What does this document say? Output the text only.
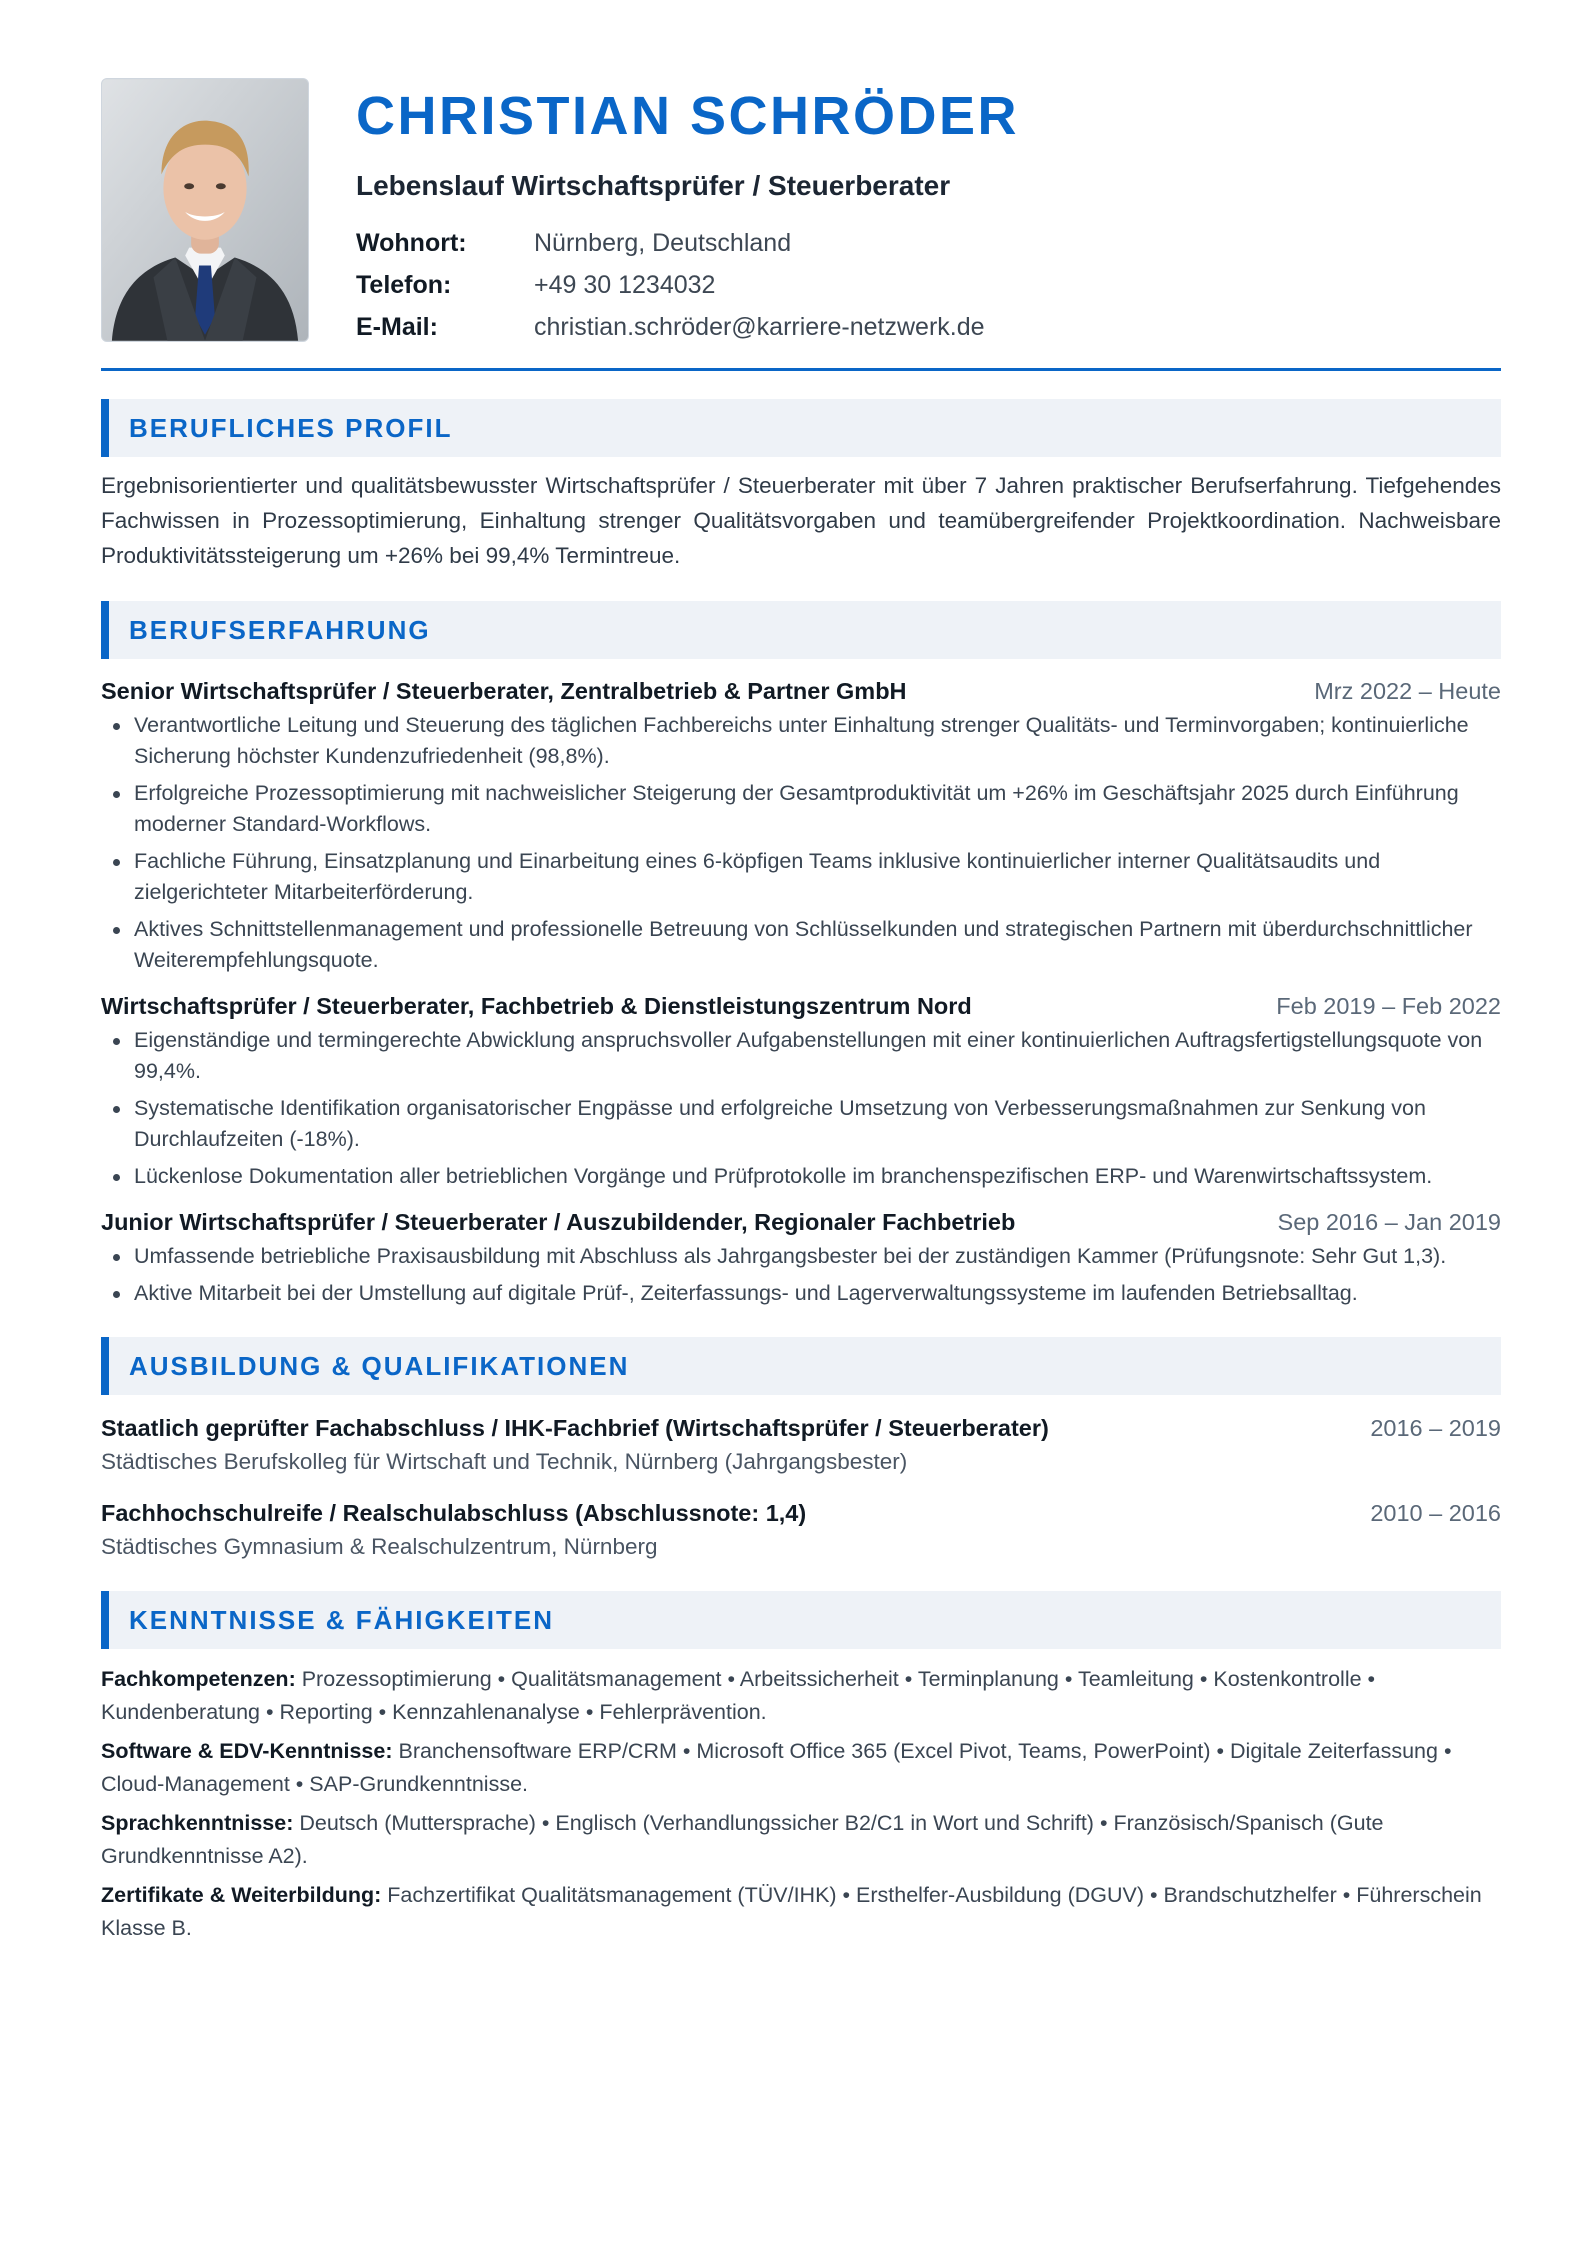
CHRISTIAN SCHRÖDER
Lebenslauf Wirtschaftsprüfer / Steuerberater
Wohnort:	Nürnberg, Deutschland
Telefon:	+49 30 1234032
E-Mail:	christian.schröder@karriere-netzwerk.de
BERUFLICHES PROFIL

Ergebnisorientierter und qualitätsbewusster Wirtschaftsprüfer / Steuerberater mit über 7 Jahren praktischer Berufserfahrung. Tiefgehendes Fachwissen in Prozessoptimierung, Einhaltung strenger Qualitätsvorgaben und teamübergreifender Projektkoordination. Nachweisbare Produktivitätssteigerung um +26% bei 99,4% Termintreue.

BERUFSERFAHRUNG
Senior Wirtschaftsprüfer / Steuerberater, Zentralbetrieb & Partner GmbH	Mrz 2022 – Heute
Verantwortliche Leitung und Steuerung des täglichen Fachbereichs unter Einhaltung strenger Qualitäts- und Terminvorgaben; kontinuierliche Sicherung höchster Kundenzufriedenheit (98,8%).
Erfolgreiche Prozessoptimierung mit nachweislicher Steigerung der Gesamtproduktivität um +26% im Geschäftsjahr 2025 durch Einführung moderner Standard-Workflows.
Fachliche Führung, Einsatzplanung und Einarbeitung eines 6-köpfigen Teams inklusive kontinuierlicher interner Qualitätsaudits und zielgerichteter Mitarbeiterförderung.
Aktives Schnittstellenmanagement und professionelle Betreuung von Schlüsselkunden und strategischen Partnern mit überdurchschnittlicher Weiterempfehlungsquote.
Wirtschaftsprüfer / Steuerberater, Fachbetrieb & Dienstleistungszentrum Nord	Feb 2019 – Feb 2022
Eigenständige und termingerechte Abwicklung anspruchsvoller Aufgabenstellungen mit einer kontinuierlichen Auftragsfertigstellungsquote von 99,4%.
Systematische Identifikation organisatorischer Engpässe und erfolgreiche Umsetzung von Verbesserungsmaßnahmen zur Senkung von Durchlaufzeiten (-18%).
Lückenlose Dokumentation aller betrieblichen Vorgänge und Prüfprotokolle im branchenspezifischen ERP- und Warenwirtschaftssystem.
Junior Wirtschaftsprüfer / Steuerberater / Auszubildender, Regionaler Fachbetrieb	Sep 2016 – Jan 2019
Umfassende betriebliche Praxisausbildung mit Abschluss als Jahrgangsbester bei der zuständigen Kammer (Prüfungsnote: Sehr Gut 1,3).
Aktive Mitarbeit bei der Umstellung auf digitale Prüf-, Zeiterfassungs- und Lagerverwaltungssysteme im laufenden Betriebsalltag.
AUSBILDUNG & QUALIFIKATIONEN
Staatlich geprüfter Fachabschluss / IHK-Fachbrief (Wirtschaftsprüfer / Steuerberater)	2016 – 2019
Städtisches Berufskolleg für Wirtschaft und Technik, Nürnberg (Jahrgangsbester)
Fachhochschulreife / Realschulabschluss (Abschlussnote: 1,4)	2010 – 2016
Städtisches Gymnasium & Realschulzentrum, Nürnberg
KENNTNISSE & FÄHIGKEITEN

Fachkompetenzen: Prozessoptimierung • Qualitätsmanagement • Arbeitssicherheit • Terminplanung • Teamleitung • Kostenkontrolle • Kundenberatung • Reporting • Kennzahlenanalyse • Fehlerprävention.

Software & EDV-Kenntnisse: Branchensoftware ERP/CRM • Microsoft Office 365 (Excel Pivot, Teams, PowerPoint) • Digitale Zeiterfassung • Cloud-Management • SAP-Grundkenntnisse.

Sprachkenntnisse: Deutsch (Muttersprache) • Englisch (Verhandlungssicher B2/C1 in Wort und Schrift) • Französisch/Spanisch (Gute Grundkenntnisse A2).

Zertifikate & Weiterbildung: Fachzertifikat Qualitätsmanagement (TÜV/IHK) • Ersthelfer-Ausbildung (DGUV) • Brandschutzhelfer • Führerschein Klasse B.
